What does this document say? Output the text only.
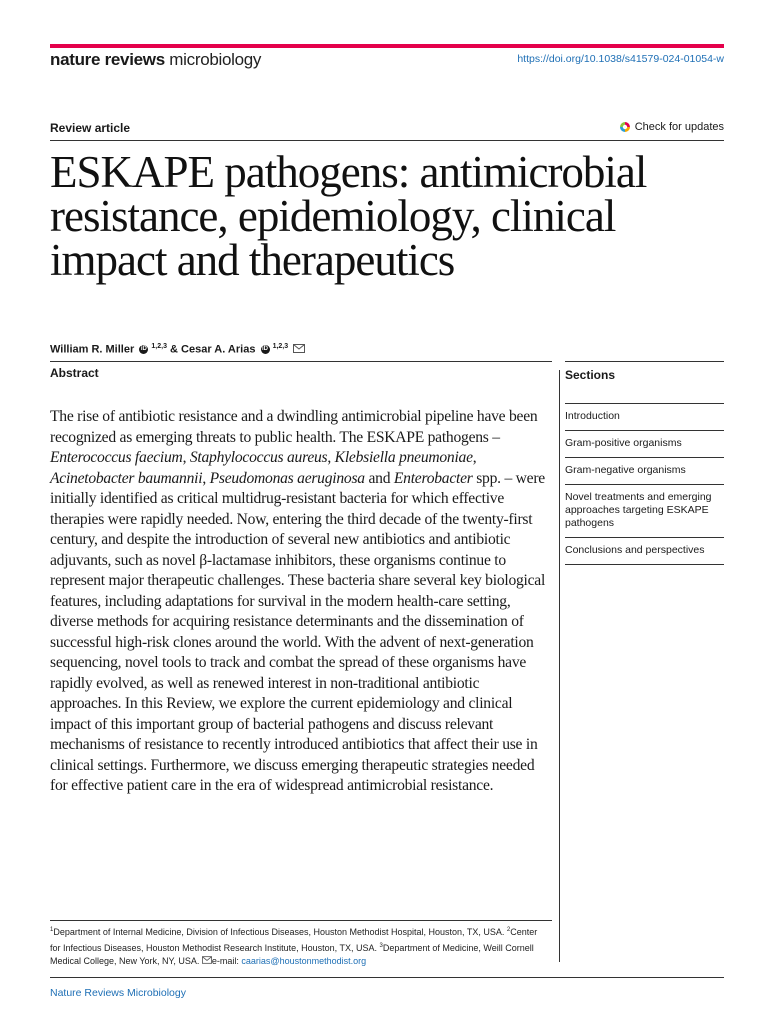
nature reviews microbiology	https://doi.org/10.1038/s41579-024-01054-w
Review article	Check for updates
ESKAPE pathogens: antimicrobial resistance, epidemiology, clinical impact and therapeutics
William R. Miller iD $^{1,2,3}$ & Cesar A. Arias iD $^{1,2,3}$
Abstract

The rise of antibiotic resistance and a dwindling antimicrobial pipeline have been recognized as emerging threats to public health. The ESKAPE pathogens – Enterococcus faecium, Staphylococcus aureus, Klebsiella pneumoniae, Acinetobacter baumannii, Pseudomonas aeruginosa and Enterobacter spp. – were initially identified as critical multidrug-resistant bacteria for which effective therapies were rapidly needed. Now, entering the third decade of the twenty-first century, and despite the introduction of several new antibiotics and antibiotic adjuvants, such as novel β-lactamase inhibitors, these organisms continue to represent major therapeutic challenges. These bacteria share several key biological features, including adaptations for survival in the modern health-care setting, diverse methods for acquiring resistance determinants and the dissemination of successful high-risk clones around the world. With the advent of next-generation sequencing, novel tools to track and combat the spread of these organisms have rapidly evolved, as well as renewed interest in non-traditional antibiotic approaches. In this Review, we explore the current epidemiology and clinical impact of this important group of bacterial pathogens and discuss relevant mechanisms of resistance to recently introduced antibiotics that affect their use in clinical settings. Furthermore, we discuss emerging therapeutic strategies needed for effective patient care in the era of widespread antimicrobial resistance.

Sections
Introduction
Gram-positive organisms
Gram-negative organisms
Novel treatments and emerging approaches targeting ESKAPE pathogens
Conclusions and perspectives
$^1$Department of Internal Medicine, Division of Infectious Diseases, Houston Methodist Hospital, Houston, TX, USA. $^2$Center for Infectious Diseases, Houston Methodist Research Institute, Houston, TX, USA. $^3$Department of Medicine, Weill Cornell Medical College, New York, NY, USA. e-mail: caarias@houstonmethodist.org
Nature Reviews Microbiology
